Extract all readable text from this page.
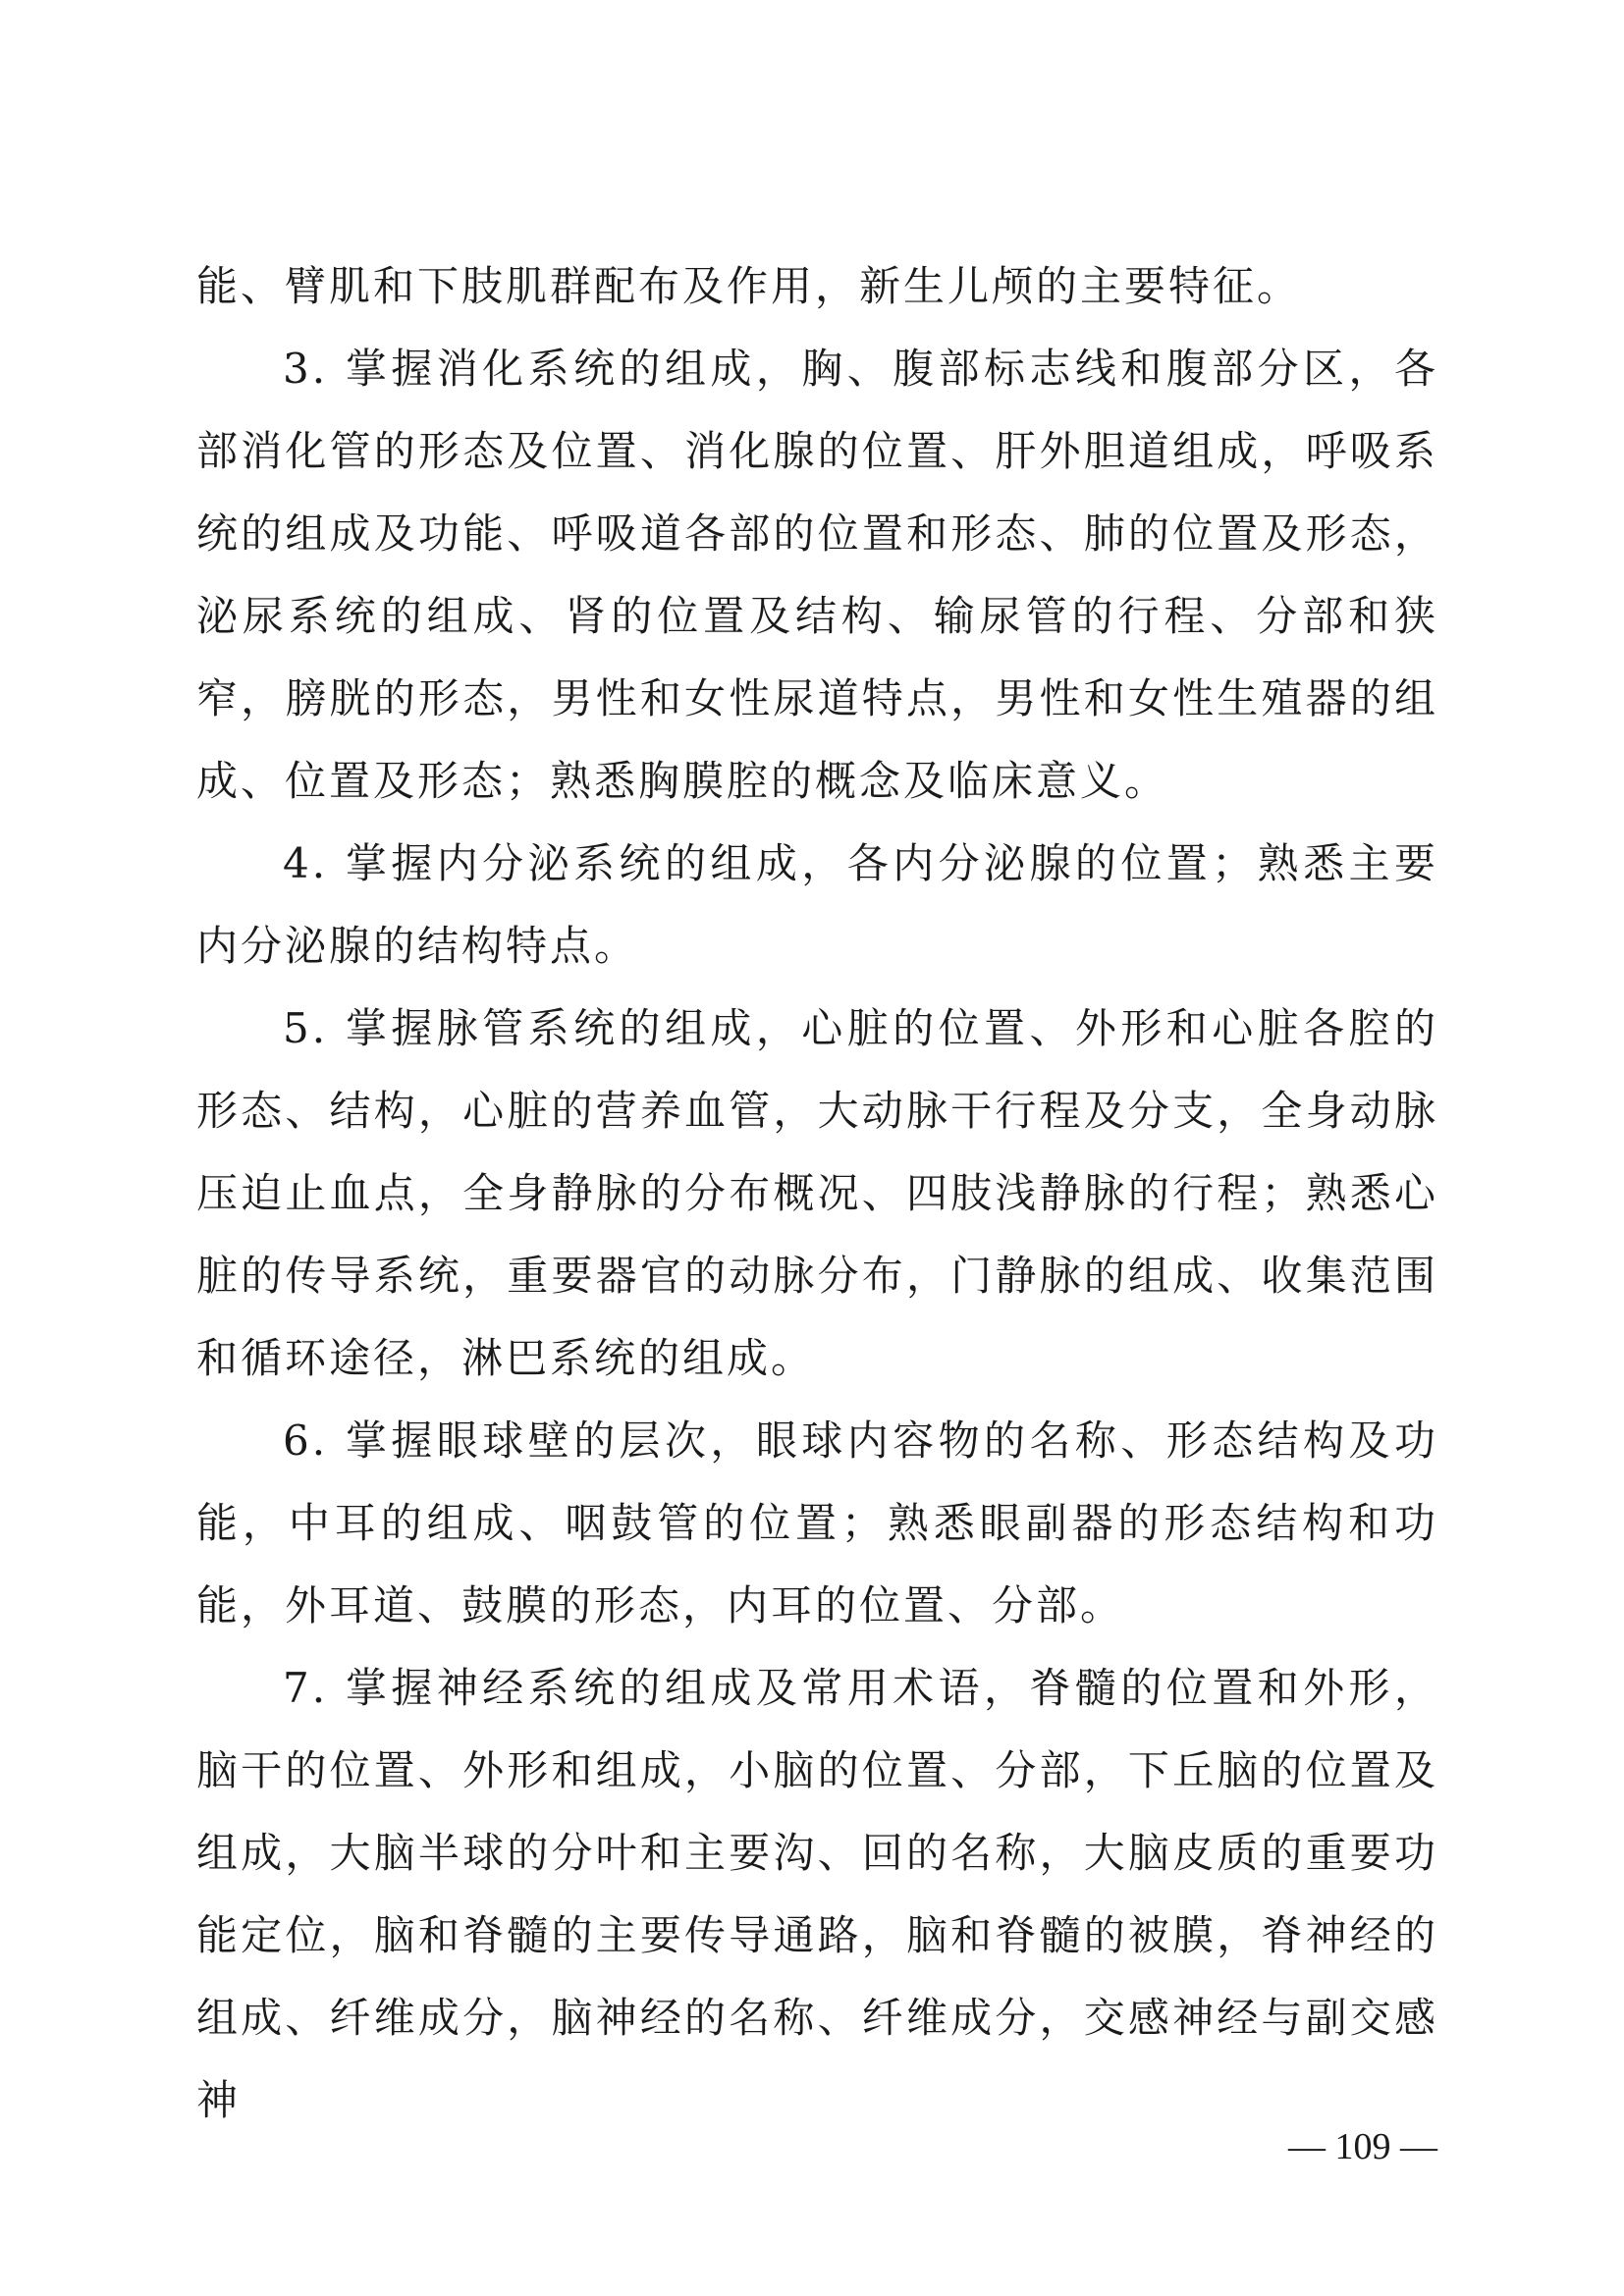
能、臂肌和下肢肌群配布及作用，新生儿颅的主要特征。

3. 掌握消化系统的组成，胸、腹部标志线和腹部分区，各部消化管的形态及位置、消化腺的位置、肝外胆道组成，呼吸系统的组成及功能、呼吸道各部的位置和形态、肺的位置及形态，泌尿系统的组成、肾的位置及结构、输尿管的行程、分部和狭窄，膀胱的形态，男性和女性尿道特点，男性和女性生殖器的组成、位置及形态；熟悉胸膜腔的概念及临床意义。

4. 掌握内分泌系统的组成，各内分泌腺的位置；熟悉主要内分泌腺的结构特点。

5. 掌握脉管系统的组成，心脏的位置、外形和心脏各腔的形态、结构，心脏的营养血管，大动脉干行程及分支，全身动脉压迫止血点，全身静脉的分布概况、四肢浅静脉的行程；熟悉心脏的传导系统，重要器官的动脉分布，门静脉的组成、收集范围和循环途径，淋巴系统的组成。

6. 掌握眼球壁的层次，眼球内容物的名称、形态结构及功能，中耳的组成、咽鼓管的位置；熟悉眼副器的形态结构和功能，外耳道、鼓膜的形态，内耳的位置、分部。

7. 掌握神经系统的组成及常用术语，脊髓的位置和外形，脑干的位置、外形和组成，小脑的位置、分部，下丘脑的位置及组成，大脑半球的分叶和主要沟、回的名称，大脑皮质的重要功能定位，脑和脊髓的主要传导通路，脑和脊髓的被膜，脊神经的组成、纤维成分，脑神经的名称、纤维成分，交感神经与副交感神

— 109 —
